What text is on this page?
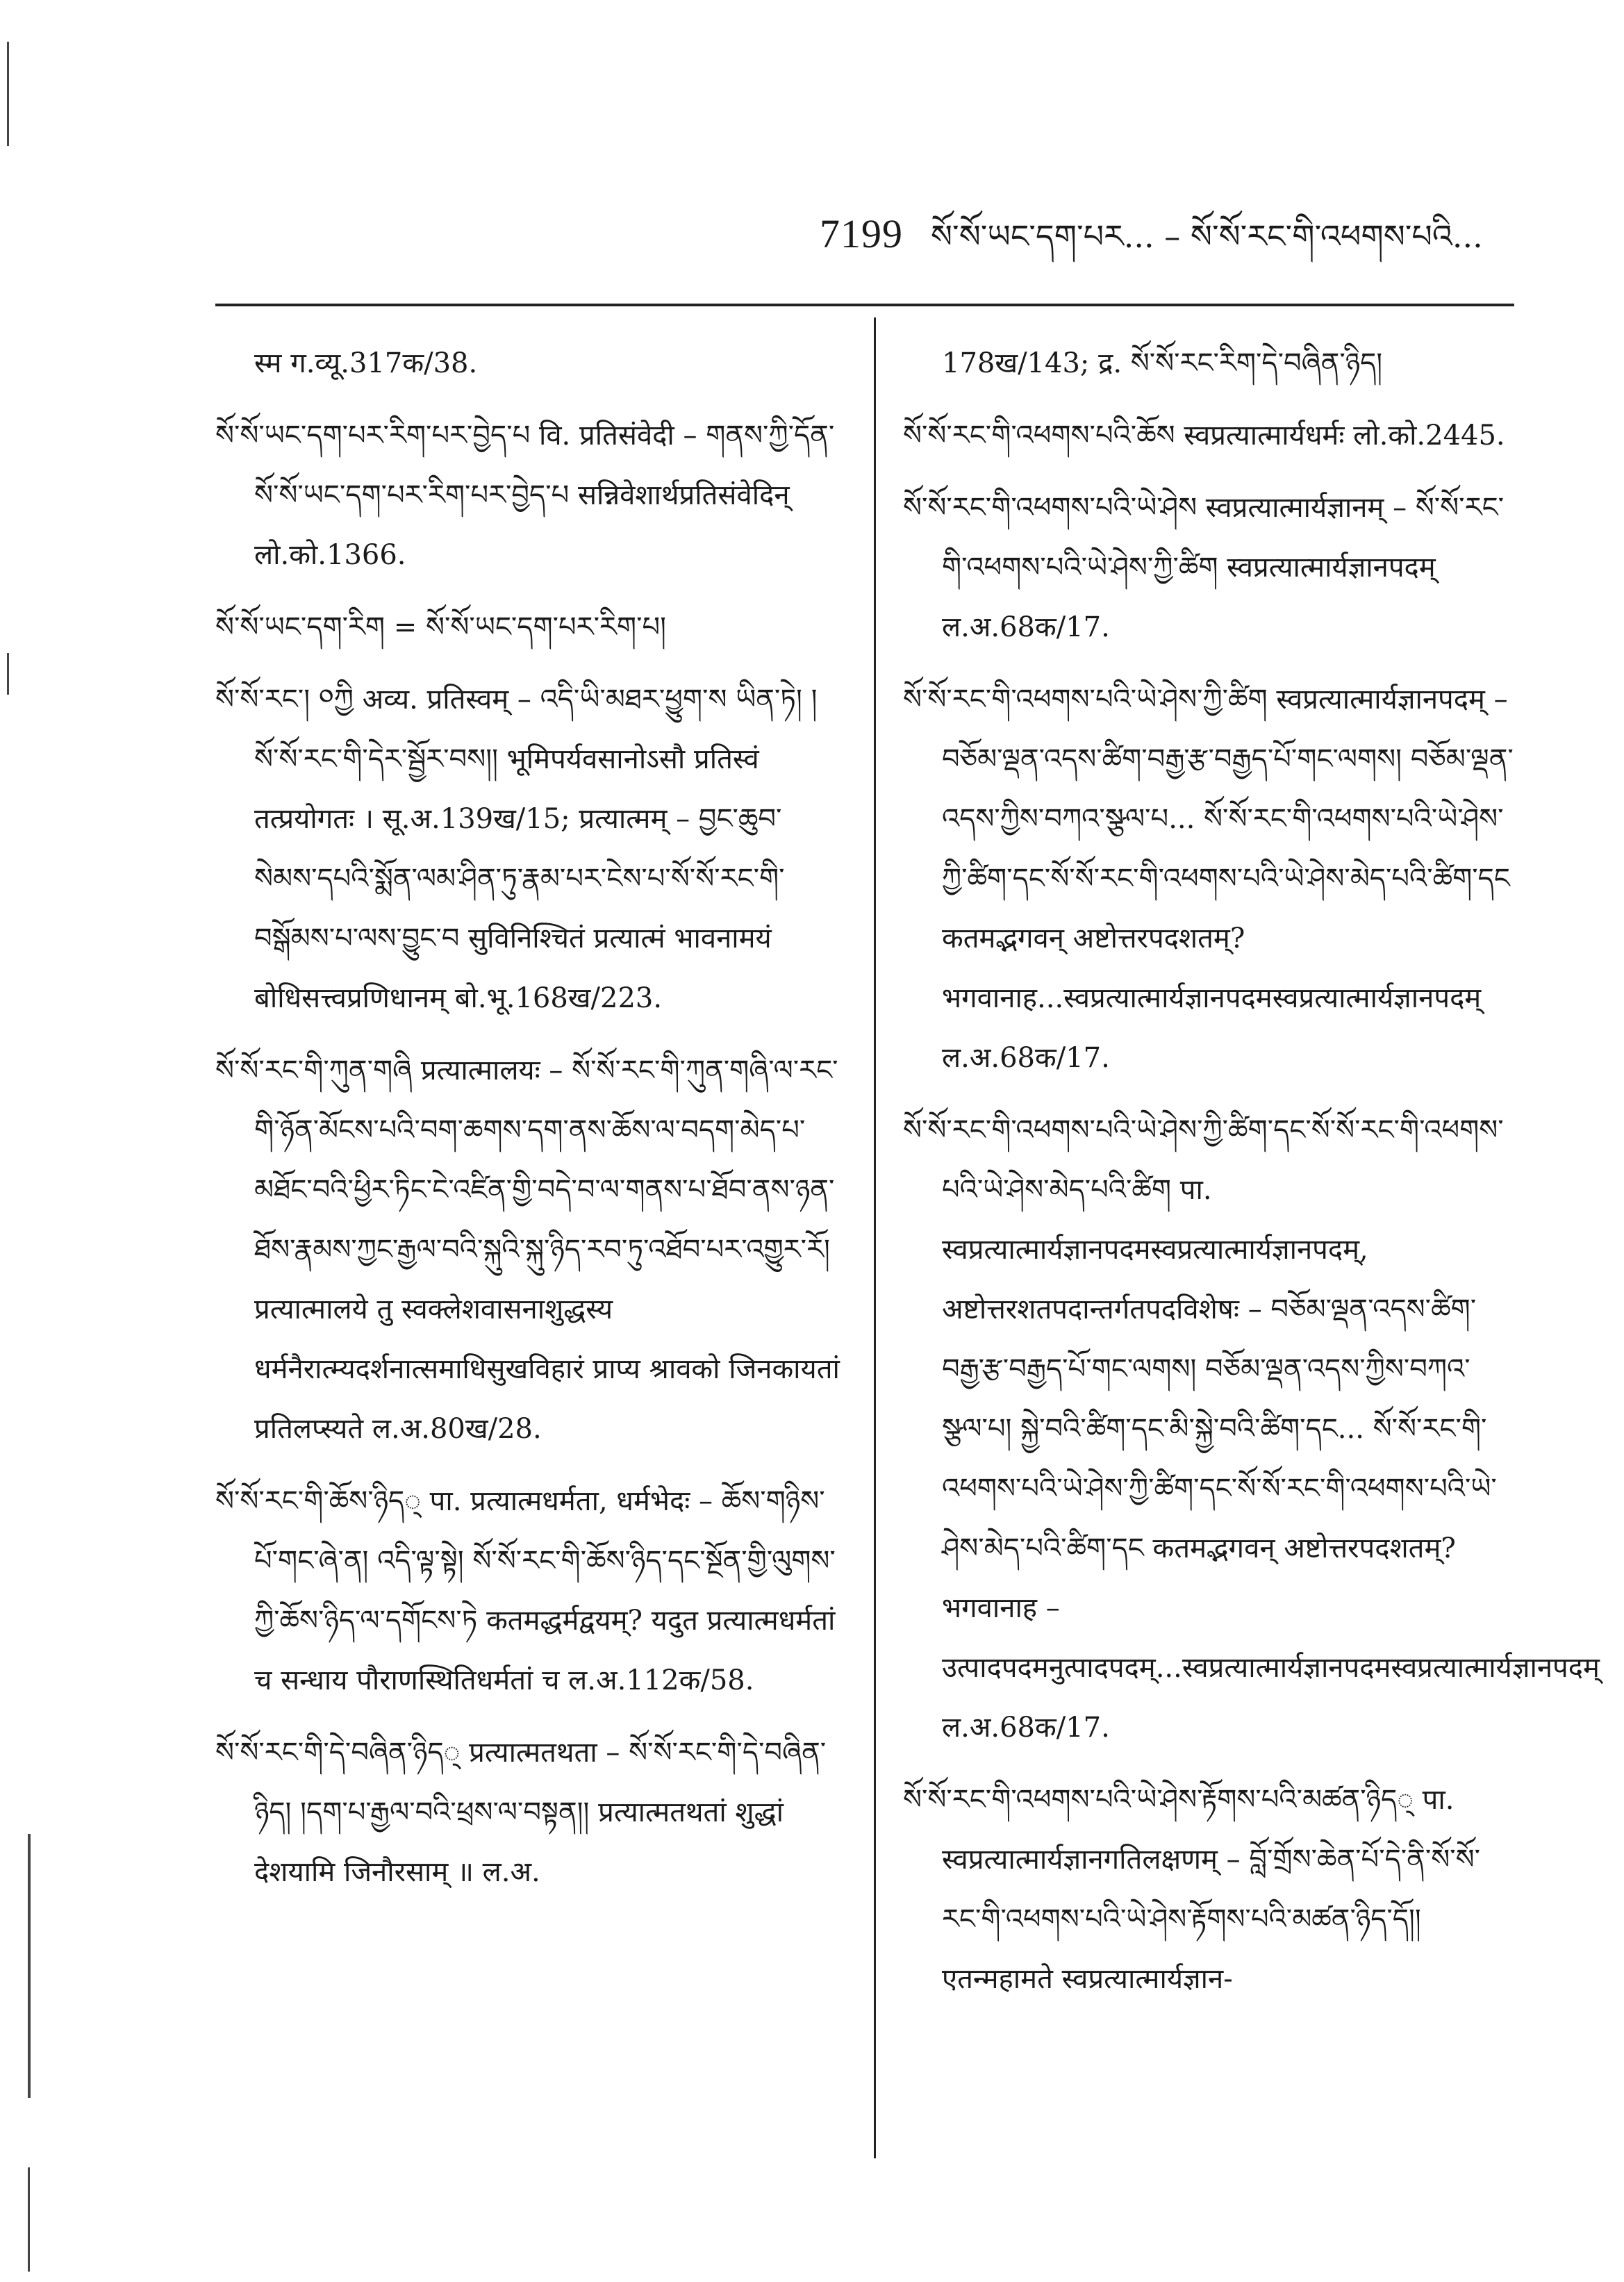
7199 སོ་སོ་ཡང་དག་པར... – སོ་སོ་རང་གི་འཕགས་པའི...

स्म ग.व्यू.317क/38.

སོ་སོ་ཡང་དག་པར་རིག་པར་བྱེད་པ वि. प्रतिसंवेदी – གནས་ཀྱི་དོན་སོ་སོ་ཡང་དག་པར་རིག་པར་བྱེད་པ सन्निवेशार्थप्रतिसंवेदिन् लो.को.1366.

སོ་སོ་ཡང་དག་རིག = སོ་སོ་ཡང་དག་པར་རིག་པ།

སོ་སོ་རང༌། ༠ཀྱི अव्य. प्रतिस्वम् – འདི་ཡི་མཐར་ཕྱུག་ས ཡིན་ཏེ། །སོ་སོ་རང་གི་དེར་སྦྱོར་བས།། भूमिपर्यवसानोऽसौ प्रतिस्वं तत्प्रयोगतः । सू.अ.139ख/15; प्रत्यात्मम् – བྱང་ཆུབ་སེམས་དཔའི་སྨོན་ལམ་ཤིན་ཏུ་རྣམ་པར་ངེས་པ་སོ་སོ་རང་གི་བསྒོམས་པ་ལས་བྱུང་བ सुविनिश्चितं प्रत्यात्मं भावनामयं बोधिसत्त्वप्रणिधानम् बो.भू.168ख/223.

སོ་སོ་རང་གི་ཀུན་གཞི प्रत्यात्मालयः – སོ་སོ་རང་གི་ཀུན་གཞི་ལ་རང་གི་ཉོན་མོངས་པའི་བག་ཆགས་དག་ནས་ཆོས་ལ་བདག་མེད་པ་མཐོང་བའི་ཕྱིར་ཏིང་ངེ་འཛིན་གྱི་བདེ་བ་ལ་གནས་པ་ཐོབ་ནས་ཉན་ཐོས་རྣམས་ཀྱང་རྒྱལ་བའི་སྐུའི་སྐུ་ཉིད་རབ་ཏུ་འཐོབ་པར་འགྱུར་རོ། प्रत्यात्मालये तु स्वक्लेशवासनाशुद्धस्य धर्मनैरात्म्यदर्शनात्समाधिसुखविहारं प्राप्य श्रावको जिनकायतां प्रतिलप्स्यते ल.अ.80ख/28.

སོ་སོ་རང་གི་ཆོས་ཉིད् पा. प्रत्यात्मधर्मता, धर्मभेदः – ཆོས་གཉིས་པོ་གང་ཞེ་ན། འདི་ལྟ་སྟེ། སོ་སོ་རང་གི་ཆོས་ཉིད་དང་སྔོན་གྱི་ལུགས་ཀྱི་ཆོས་ཉིད་ལ་དགོངས་ཏེ कतमद्धर्मद्वयम्? यदुत प्रत्यात्मधर्मतां च सन्धाय पौराणस्थितिधर्मतां च ल.अ.112क/58.

སོ་སོ་རང་གི་དེ་བཞིན་ཉིད् प्रत्यात्मतथता – སོ་སོ་རང་གི་དེ་བཞིན་ཉིད། །དག་པ་རྒྱལ་བའི་ཕྲས་ལ་བསྟན།། प्रत्यात्मतथतां शुद्धां देशयामि जिनौरसाम् ॥ ल.अ.

178ख/143; द्र. སོ་སོ་རང་རིག་དེ་བཞིན་ཉིད།

སོ་སོ་རང་གི་འཕགས་པའི་ཆོས स्वप्रत्यात्मार्यधर्मः लो.को.2445.

སོ་སོ་རང་གི་འཕགས་པའི་ཡེ་ཤེས स्वप्रत्यात्मार्यज्ञानम् – སོ་སོ་རང་གི་འཕགས་པའི་ཡེ་ཤེས་ཀྱི་ཚིག स्वप्रत्यात्मार्यज्ञानपदम् ल.अ.68क/17.

སོ་སོ་རང་གི་འཕགས་པའི་ཡེ་ཤེས་ཀྱི་ཚིག स्वप्रत्यात्मार्यज्ञानपदम् – བཅོམ་ལྡན་འདས་ཚིག་བརྒྱ་རྩ་བརྒྱད་པོ་གང་ལགས། བཅོམ་ལྡན་འདས་ཀྱིས་བཀའ་སྩལ་པ... སོ་སོ་རང་གི་འཕགས་པའི་ཡེ་ཤེས་ཀྱི་ཚིག་དང་སོ་སོ་རང་གི་འཕགས་པའི་ཡེ་ཤེས་མེད་པའི་ཚིག་དང कतमद्भगवन् अष्टोत्तरपदशतम्? भगवानाह...स्वप्रत्यात्मार्यज्ञानपदमस्वप्रत्यात्मार्यज्ञानपदम् ल.अ.68क/17.

སོ་སོ་རང་གི་འཕགས་པའི་ཡེ་ཤེས་ཀྱི་ཚིག་དང་སོ་སོ་རང་གི་འཕགས་པའི་ཡེ་ཤེས་མེད་པའི་ཚིག पा. स्वप्रत्यात्मार्यज्ञानपदमस्वप्रत्यात्मार्यज्ञानपदम्, अष्टोत्तरशतपदान्तर्गतपदविशेषः – བཅོམ་ལྡན་འདས་ཚིག་བརྒྱ་རྩ་བརྒྱད་པོ་གང་ལགས། བཅོམ་ལྡན་འདས་ཀྱིས་བཀའ་སྩལ་པ། སྐྱེ་བའི་ཚིག་དང་མི་སྐྱེ་བའི་ཚིག་དང... སོ་སོ་རང་གི་འཕགས་པའི་ཡེ་ཤེས་ཀྱི་ཚིག་དང་སོ་སོ་རང་གི་འཕགས་པའི་ཡེ་ཤེས་མེད་པའི་ཚིག་དང कतमद्भगवन् अष्टोत्तरपदशतम्? भगवानाह – उत्पादपदमनुत्पादपदम्...स्वप्रत्यात्मार्यज्ञानपदमस्वप्रत्यात्मार्यज्ञानपदम् ल.अ.68क/17.

སོ་སོ་རང་གི་འཕགས་པའི་ཡེ་ཤེས་རྟོགས་པའི་མཚན་ཉིད् पा. स्वप्रत्यात्मार्यज्ञानगतिलक्षणम् – བློ་གྲོས་ཆེན་པོ་དེ་ནི་སོ་སོ་རང་གི་འཕགས་པའི་ཡེ་ཤེས་རྟོགས་པའི་མཚན་ཉིད་དོ།། एतन्महामते स्वप्रत्यात्मार्यज्ञान-
